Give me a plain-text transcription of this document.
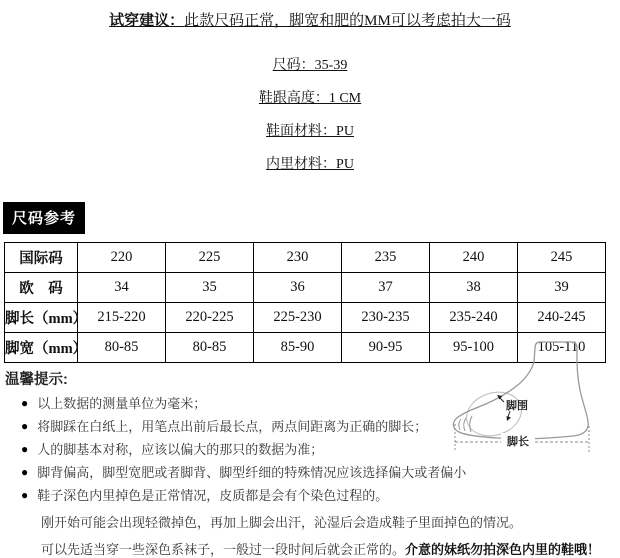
试穿建议：此款尺码正常，脚宽和肥的MM可以考虑拍大一码
尺码：35-39
鞋跟高度：1 CM
鞋面材料：PU
内里材料：PU
尺码参考
国际码	220	225	230	235	240	245
欧　码	34	35	36	37	38	39
脚长（mm）	215-220	220-225	225-230	230-235	235-240	240-245
脚宽（mm）	80-85	80-85	85-90	90-95	95-100	105-110
温馨提示:
● 以上数据的测量单位为毫米；
● 将脚踩在白纸上，用笔点出前后最长点，两点间距离为正确的脚长；
● 人的脚基本对称，应该以偏大的那只的数据为准；
● 脚背偏高，脚型宽肥或者脚背、脚型纤细的特殊情况应该选择偏大或者偏小
● 鞋子深色内里掉色是正常情况，皮质都是会有个染色过程的。
刚开始可能会出现轻微掉色，再加上脚会出汗，沁湿后会造成鞋子里面掉色的情况。
可以先适当穿一些深色系袜子，一般过一段时间后就会正常的。介意的妹纸勿拍深色内里的鞋哦！
脚围
脚长
